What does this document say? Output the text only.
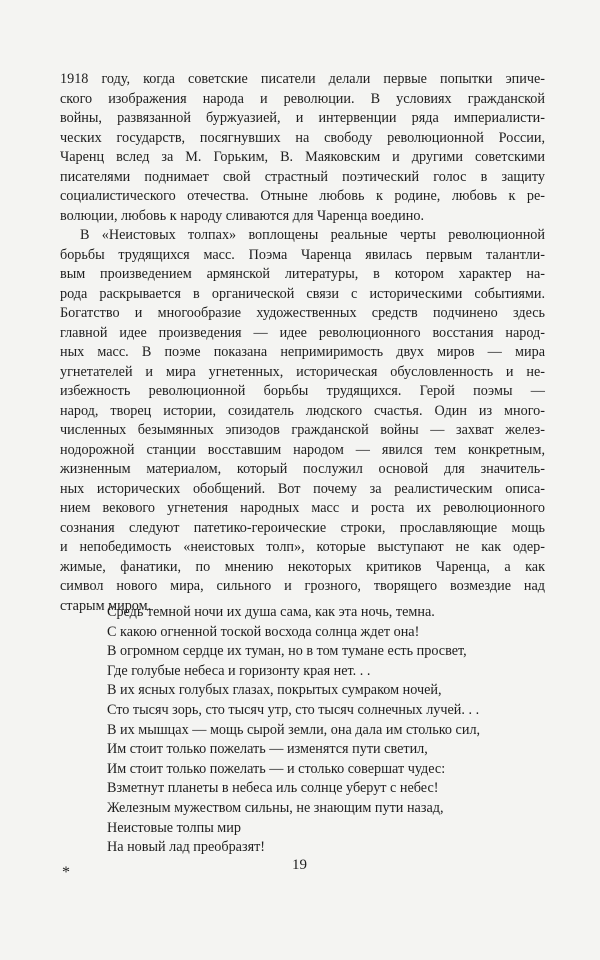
1918 году, когда советские писатели делали первые попытки эпиче-
ского изображения народа и революции. В условиях гражданской
войны, развязанной буржуазией, и интервенции ряда империалисти-
ческих государств, посягнувших на свободу революционной России,
Чаренц вслед за М. Горьким, В. Маяковским и другими советскими
писателями поднимает свой страстный поэтический голос в защиту
социалистического отечества. Отныне любовь к родине, любовь к ре-
волюции, любовь к народу сливаются для Чаренца воедино.
В «Неистовых толпах» воплощены реальные черты революционной
борьбы трудящихся масс. Поэма Чаренца явилась первым талантли-
вым произведением армянской литературы, в котором характер на-
рода раскрывается в органической связи с историческими событиями.
Богатство и многообразие художественных средств подчинено здесь
главной идее произведения — идее революционного восстания народ-
ных масс. В поэме показана непримиримость двух миров — мира
угнетателей и мира угнетенных, историческая обусловленность и не-
избежность революционной борьбы трудящихся. Герой поэмы —
народ, творец истории, созидатель людского счастья. Один из много-
численных безымянных эпизодов гражданской войны — захват желез-
нодорожной станции восставшим народом — явился тем конкретным,
жизненным материалом, который послужил основой для значитель-
ных исторических обобщений. Вот почему за реалистическим описа-
нием векового угнетения народных масс и роста их революционного
сознания следуют патетико-героические строки, прославляющие мощь
и непобедимость «неистовых толп», которые выступают не как одер-
жимые, фанатики, по мнению некоторых критиков Чаренца, а как
символ нового мира, сильного и грозного, творящего возмездие над
старым миром.
Средь темной ночи их душа сама, как эта ночь, темна.
С какою огненной тоской восхода солнца ждет она!
В огромном сердце их туман, но в том тумане есть просвет,
Где голубые небеса и горизонту края нет. . .
В их ясных голубых глазах, покрытых сумраком ночей,
Сто тысяч зорь, сто тысяч утр, сто тысяч солнечных лучей. . .
В их мышцах — мощь сырой земли, она дала им столько сил,
Им стоит только пожелать — изменятся пути светил,
Им стоит только пожелать — и столько совершат чудес:
Взметнут планеты в небеса иль солнце уберут с небес!
Железным мужеством сильны, не знающим пути назад,
Неистовые толпы мир
На новый лад преобразят!
*	19
